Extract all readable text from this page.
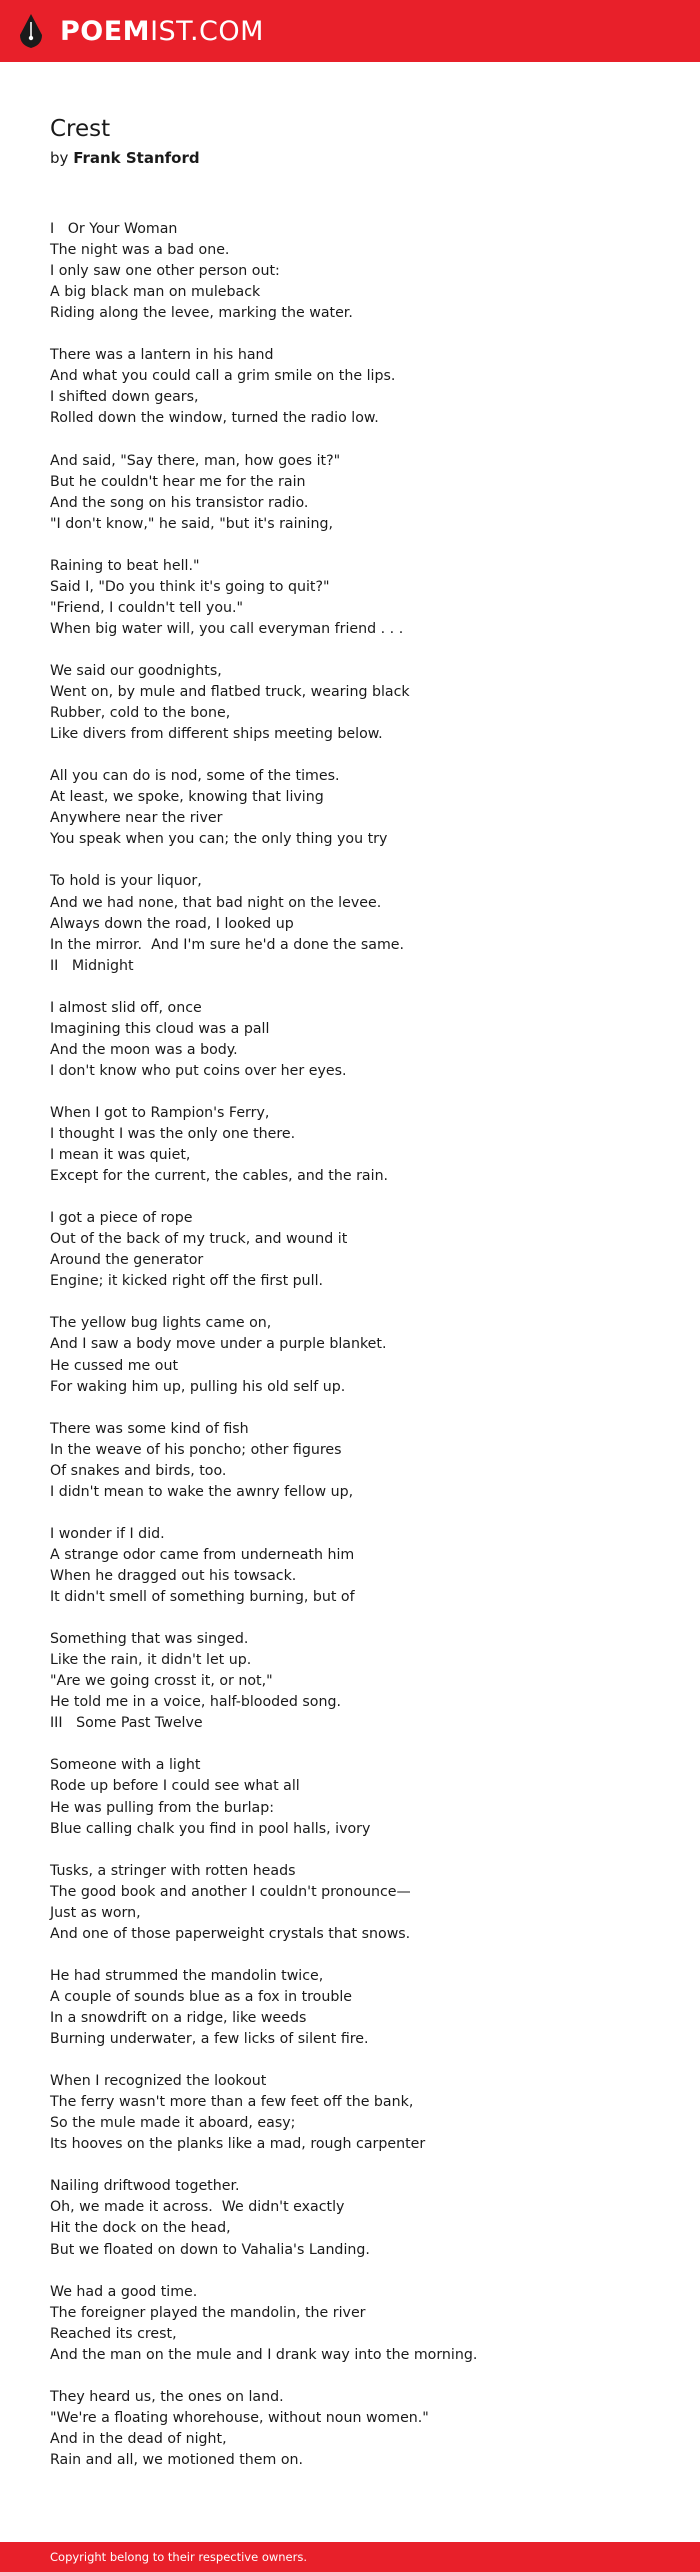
POEMIST.COM
Crest
by Frank Stanford
I   Or Your Woman
The night was a bad one.
I only saw one other person out:
A big black man on muleback
Riding along the levee, marking the water.
There was a lantern in his hand
And what you could call a grim smile on the lips.
I shifted down gears,
Rolled down the window, turned the radio low.
And said, "Say there, man, how goes it?"
But he couldn't hear me for the rain
And the song on his transistor radio.
"I don't know," he said, "but it's raining,
Raining to beat hell."
Said I, "Do you think it's going to quit?"
"Friend, I couldn't tell you."
When big water will, you call everyman friend . . .
We said our goodnights,
Went on, by mule and flatbed truck, wearing black
Rubber, cold to the bone,
Like divers from different ships meeting below.
All you can do is nod, some of the times.
At least, we spoke, knowing that living
Anywhere near the river
You speak when you can; the only thing you try
To hold is your liquor,
And we had none, that bad night on the levee.
Always down the road, I looked up
In the mirror.  And I'm sure he'd a done the same.
II   Midnight
I almost slid off, once
Imagining this cloud was a pall
And the moon was a body.
I don't know who put coins over her eyes.
When I got to Rampion's Ferry,
I thought I was the only one there.
I mean it was quiet,
Except for the current, the cables, and the rain.
I got a piece of rope
Out of the back of my truck, and wound it
Around the generator
Engine; it kicked right off the first pull.
The yellow bug lights came on,
And I saw a body move under a purple blanket.
He cussed me out
For waking him up, pulling his old self up.
There was some kind of fish
In the weave of his poncho; other figures
Of snakes and birds, too.
I didn't mean to wake the awnry fellow up,
I wonder if I did.
A strange odor came from underneath him
When he dragged out his towsack.
It didn't smell of something burning, but of
Something that was singed.
Like the rain, it didn't let up.
"Are we going crosst it, or not,"
He told me in a voice, half-blooded song.
III   Some Past Twelve
Someone with a light
Rode up before I could see what all
He was pulling from the burlap:
Blue calling chalk you find in pool halls, ivory
Tusks, a stringer with rotten heads
The good book and another I couldn't pronounce—
Just as worn,
And one of those paperweight crystals that snows.
He had strummed the mandolin twice,
A couple of sounds blue as a fox in trouble
In a snowdrift on a ridge, like weeds
Burning underwater, a few licks of silent fire.
When I recognized the lookout
The ferry wasn't more than a few feet off the bank,
So the mule made it aboard, easy;
Its hooves on the planks like a mad, rough carpenter
Nailing driftwood together.
Oh, we made it across.  We didn't exactly
Hit the dock on the head,
But we floated on down to Vahalia's Landing.
We had a good time.
The foreigner played the mandolin, the river
Reached its crest,
And the man on the mule and I drank way into the morning.
They heard us, the ones on land.
"We're a floating whorehouse, without noun women."
And in the dead of night,
Rain and all, we motioned them on.
Copyright belong to their respective owners.
